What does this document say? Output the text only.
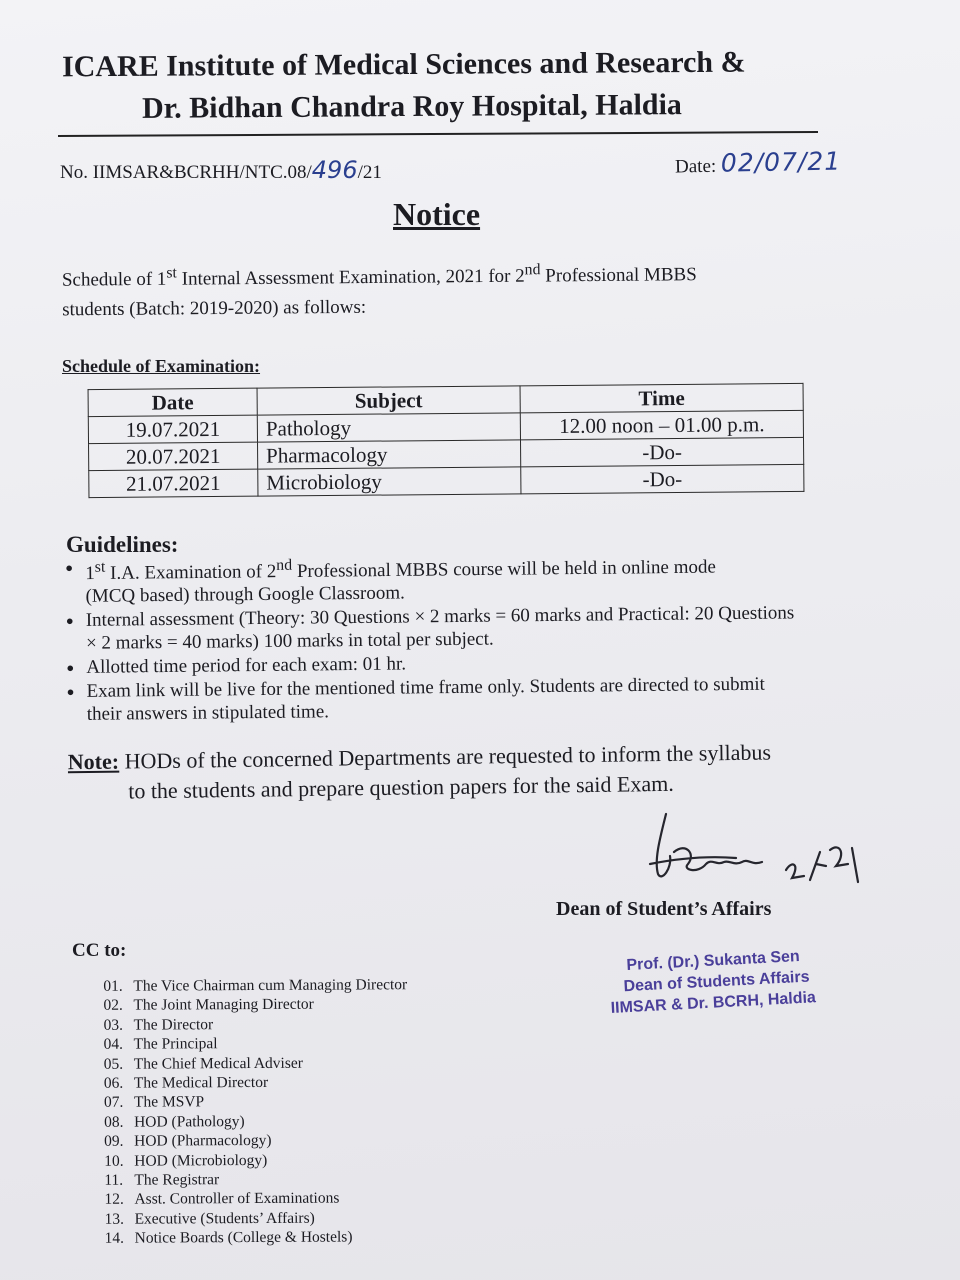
ICARE Institute of Medical Sciences and Research &
Dr. Bidhan Chandra Roy Hospital, Haldia
No. IIMSAR&BCRHH/NTC.08/496/21	Date: 02/07/21
Notice

Schedule of 1st Internal Assessment Examination, 2021 for 2nd Professional MBBS

students (Batch: 2019-2020) as follows:

Schedule of Examination:
Date	Subject	Time
19.07.2021	Pathology	12.00 noon – 01.00 p.m.
20.07.2021	Pharmacology	-Do-
21.07.2021	Microbiology	-Do-
Guidelines:
● 1st I.A. Examination of 2nd Professional MBBS course will be held in online mode
(MCQ based) through Google Classroom.
● Internal assessment (Theory: 30 Questions × 2 marks = 60 marks and Practical: 20 Questions
× 2 marks = 40 marks) 100 marks in total per subject.
● Allotted time period for each exam: 01 hr.
● Exam link will be live for the mentioned time frame only. Students are directed to submit
their answers in stipulated time.
Note: HODs of the concerned Departments are requested to inform the syllabus
to the students and prepare question papers for the said Exam.
Dean of Student’s Affairs
Prof. (Dr.) Sukanta Sen
Dean of Students Affairs
IIMSAR & Dr. BCRH, Haldia
CC to:
01. The Vice Chairman cum Managing Director
02. The Joint Managing Director
03. The Director
04. The Principal
05. The Chief Medical Adviser
06. The Medical Director
07. The MSVP
08. HOD (Pathology)
09. HOD (Pharmacology)
10. HOD (Microbiology)
11. The Registrar
12. Asst. Controller of Examinations
13. Executive (Students’ Affairs)
14. Notice Boards (College & Hostels)
